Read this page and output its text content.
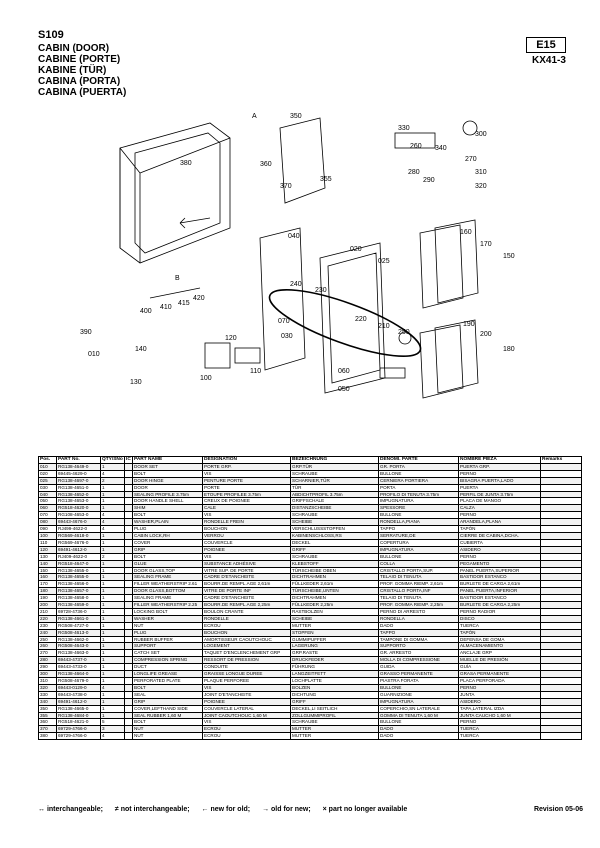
S109
CABIN (DOOR)
CABINE (PORTE)
KABINE (TÜR)
CABINA (PORTA)
CABINA (PUERTA)
E15
KX41-3
350
330
260
300
380
340
360
270
370
355
280
290
310
320
A
B
040
020
025
160
170
150
240
230
220
210
250
190
200
180
390
400
410
415
420
070
030
010
140
120
130
100
110	060
050
Pos.	PART No.	QTY/SNo	IC	PART NAME	DESIGNATION	BEZEICHNUNG	DENOMI. PARTE	NOMBRE PIEZA	Remarks
010	RG138-4649-0	1		DOOR SET	PORTE GRP.	GRP.TÜR	GR. PORTA	PUERTA GRP.	
020	69445-4629-0	4		BOLT	VIS	SCHRAUBE	BULLONE	PERNO	
025	RG138-4697-0	2		DOOR HINGE	PENTURE PORTE	SCHARNIER,TÜR	CERNIERA PORTIERA	BISAGRA PUERTA,LADO	
030	RG138-4651-0	1		DOOR	PORTE	TÜR	PORTA	PUERTA	
040	RG138-4652-0	1		SEALING PROFILE 3.75m	ETOUPE PROFILEE 3.75m	ABDICHTPROFIL 3.75m	PROFILO DI TENUTA 3.75m	PERFIL DE JUNTA 3.75m	
050	RG138-4653-0	1		DOOR HANDLE SHELL	CREUX DE POIGNEE	GRIFFSCHALE	IMPUGNATURA	PLACA DE MANGO	
060	RG518-4620-0	1		SHIM	CALE	DISTANZSCHEIBE	SPESSORE	CALZA	
070	RG108-4653-0	4		BOLT	VIS	SCHRAUBE	BULLONE	PERNO	
080	69443-4676-0	4		WASHER,PLAIN	RONDELLE FREIN	SCHEIBE	RONDELLA,PIANA	ARANDELA,PLANA	
090	RJ499-4622-0	4		PLUG	BOUCHON	VERSCHLUSSSTOPFEN	TAPPO	TAPÓN	
100	RG569-4618-0	1		CABIN LOCK,RH	VERROU	KABINENSCHLOSS,RS	SERRATURE,DE	CIERRE DE CABINA,DCHA.	
110	RG569-4676-0	1		COVER	COUVERCLE	DECKEL	COPERTURA	CUBIERTA	
120	69491-4612-0	1		GRIP	POIGNEE	GRIFF	IMPUGNATURA	ASIDERO	
130	RJ409-4622-0	2		BOLT	VIS	SCHRAUBE	BULLONE	PERNO	
140	RG518-4647-0	1		GLUE	SUBSTANCE ADHÉSIVE	KLEBSTOFF	COLLA	PEGAMENTO	
150	RG138-4655-0	1		DOOR GLASS,TOP	VITRE SUP. DE PORTE	TÜRSCHEIBE OBEN	CRISTALLO PORTA,SUP.	PANEL PUERTA,SUPERIOR	
160	RG138-4655-0	1		SEALING FRAME	CADRE D'ETANCHEITE	DICHTRAHMEN	TELAIO DI TENUTA	BASTIDOR ESTANCO	
170	RG138-4656-0	1		FILLER WEATHERSTRIP 2.61	BOURR.DE REMPL.AGE 2,61m	FÜLLKEDER 2,61m	PROF. GOMMA RIEMP. 2,61m	BURLETE DE CARGA 2,61m	
180	RG138-4657-0	1		DOOR GLASS,BOTTOM	VITRE DE PORTE INF	TÜRSCHEIBE,UNTEN	CRISTALLO PORTA,INF	PANEL PUERTA,INFERIOR	
190	RG138-4658-0	1		SEALING FRAME	CADRE D'ETANCHEITE	DICHTRAHMEN	TELAIO DI TENUTA	BASTIDOR ESTANCO	
200	RG138-4659-0	1		FILLER WEATHERSTRIP 2.25	BOURR.DE REMPL.AGE 2,25m	FÜLLKEDER 2,25m	PROF. GOMMA RIEMP. 2,25m	BURLETE DE CARGA 2,25m	
210	69728-4736-0	1		LOCKING BOLT	BOULON CRANTE	RASTBOLZEN	PERNO DI ARRESTO	PERNO RADIOR	
220	RG138-4661-0	1		WASHER	RONDELLE	SCHEIBE	RONDELLA	DISCO	
230	RG508-4727-0	1		NUT	ECROU	MUTTER	DADO	TUERCA	
240	RG508-4613-0	1		PLUG	BOUCHON	STOPFEN	TAPPO	TAPÓN	
250	RG138-4662-0	1		RUBBER BUFFER	AMORTISSEUR CAOUTCHOUC	GUMMIPUFFER	TAMPONE DI GOMMA	DEFENSA DE GOMA	
260	RG508-4643-0	1		SUPPORT	LOGEMENT	LAGERUNG	SUPPORTO	ALMACENAMIENTO	
270	RG138-4663-0	1		CATCH SET	TAQUET D'ENCLENCHEMENT GRP	GRP.RASTE	GR. ARRESTO	ANCLAJE GRP	
280	69443-4737-0	1		COMPRESSION SPRING	RESSORT DE PRESSION	DRUCKFEDER	MOLLA DI COMPRESSIONE	MUELLE DE PRESIÓN	
290	69443-4733-0	1		DUCT	CONDUITE	FÜHRUNG	GUIDA	GUÍA	
300	RG138-4664-0	1		LONGLIFE GREASE	GRAISSE LONGUE DUREE	LANGZEITFETT	GRASSO PERMANENTE	GRASA PERMANENTE	
310	RG508-4679-0	1		PERFORATED PLATE	PLAQUE PERFOREE	LOCHPLATTE	PIASTRA FORATA	PLACA PERFORADA	
320	69443-0129-0	4		BOLT	VIS	BOLZEN	BULLONE	PERNO	
330	69443-4738-0	1		SEAL	JOINT D'ETANCHEITE	DICHTUNG	GUARNIZIONE	JUNTA	
340	69491-4612-0	1		GRIP	POIGNEE	GRIFF	IMPUGNATURA	ASIDERO	
350	RG138-4665-0	1		COVER,LEFTHAND SIDE	COUVERCLE LATERAL	DECKEL,LI SEITLICH	COPERCHIO,SN LATERALE	TAPA,LATERAL IZDA	
355	RG138-4684-0	1		SEAL RUBBER 1,60 M	JOINT CAOUTCHOUC 1,60 M	ZOLLGUMMIPROFIL	GOMMA DI TENUTA 1,60 M	JUNTA CAUCHO 1,60 M	
360	RG518-4621-0	5		BOLT	VIS	SCHRAUBE	BULLONE	PERNO	
370	69729-4766-0	3		NUT	ECROU	MUTTER	DADO	TUERCA	
380	69729-4766-0	4		NUT	ECROU	MUTTER	DADO	TUERCA	
↔ interchangeable; ≠ not interchangeable; ← new for old; → old for new; × part no longer available	Revision 05-06
